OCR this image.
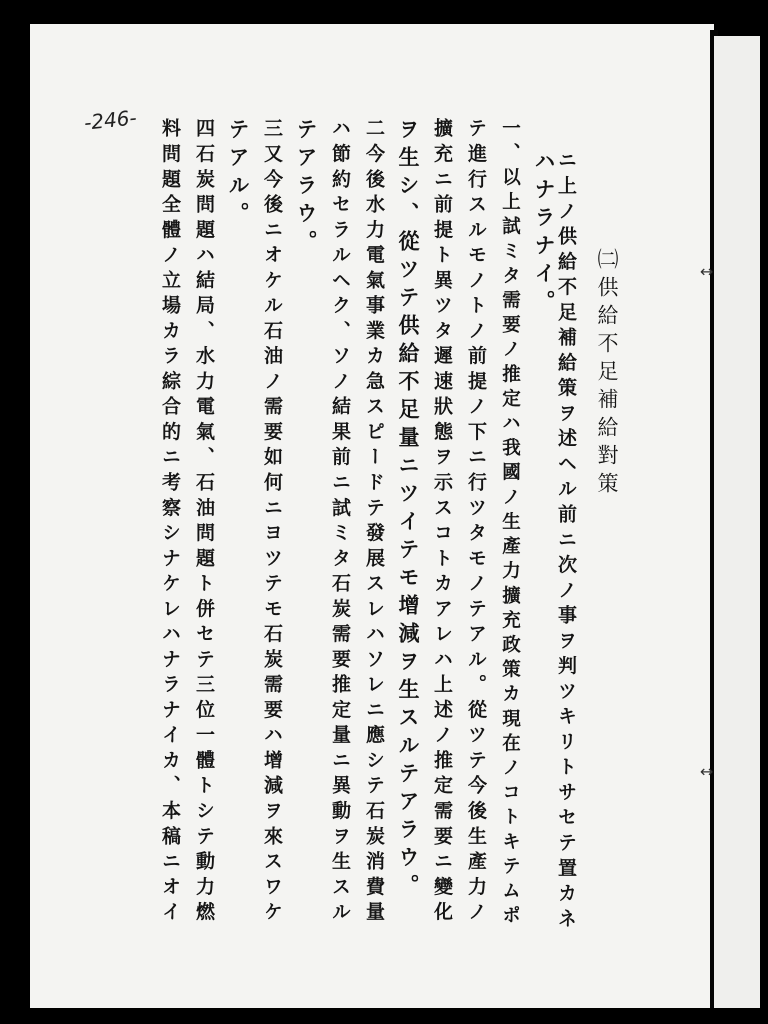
-246-
㈡供給不足補給對策
ニ上ノ供給不足補給策ヲ述ヘル前ニ次ノ事ヲ判ツキリトサセテ置カネ
ハナラナイ。
一、以上試ミタ需要ノ推定ハ我國ノ生產力擴充政策カ現在ノコトキテムポ
テ進行スルモノトノ前提ノ下ニ行ツタモノテアル。從ツテ今後生產力ノ
擴充ニ前提ト異ツタ遲速狀態ヲ示スコトカアレハ上述ノ推定需要ニ變化
ヲ生シ、從ツテ供給不足量ニツイテモ增減ヲ生スルテアラウ。
二今後水力電氣事業カ急スピードテ發展スレハソレニ應シテ石炭消費量
ハ節約セラルヘク、ソノ結果前ニ試ミタ石炭需要推定量ニ異動ヲ生スル
テアラウ。
三又今後ニオケル石油ノ需要如何ニヨツテモ石炭需要ハ增減ヲ來スワケ
テアル。
四石炭問題ハ結局、水力電氣、石油問題ト併セテ三位一體トシテ動力燃
料問題全體ノ立場カラ綜合的ニ考察シナケレハナラナイカ、本稿ニオイ	↔
↔
